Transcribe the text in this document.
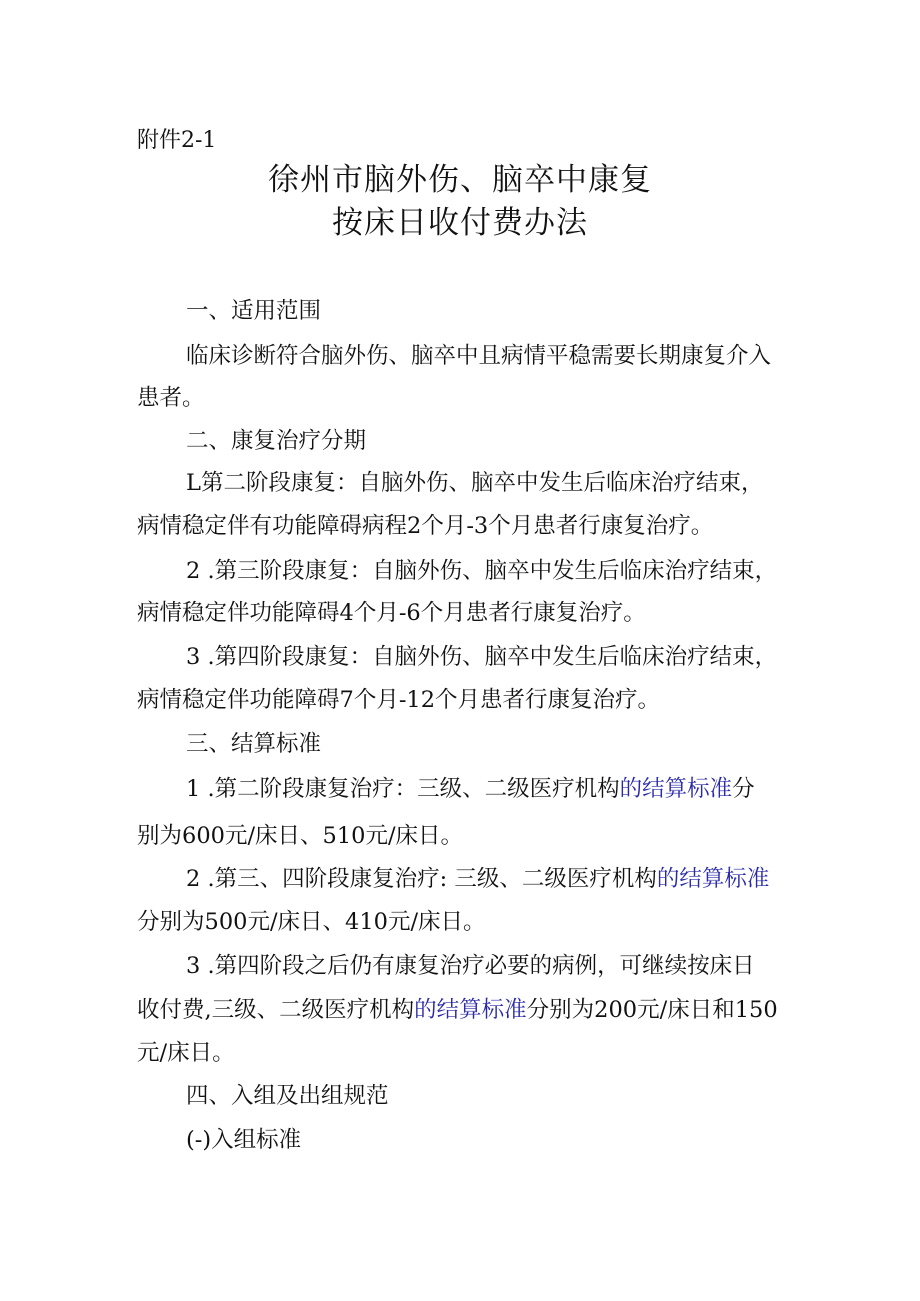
附件2-1
徐州市脑外伤、脑卒中康复
按床日收付费办法
一、适用范围
临床诊断符合脑外伤、脑卒中且病情平稳需要长期康复介入
患者。
二、康复治疗分期
L第二阶段康复：自脑外伤、脑卒中发生后临床治疗结束，
病情稳定伴有功能障碍病程2个月-3个月患者行康复治疗。
2 .第三阶段康复：自脑外伤、脑卒中发生后临床治疗结束，
病情稳定伴功能障碍4个月-6个月患者行康复治疗。
3 .第四阶段康复：自脑外伤、脑卒中发生后临床治疗结束，
病情稳定伴功能障碍7个月-12个月患者行康复治疗。
三、结算标准
1 .第二阶段康复治疗：三级、二级医疗机构的结算标准分
别为600元/床日、510元/床日。
2 .第三、四阶段康复治疗: 三级、二级医疗机构的结算标准
分别为500元/床日、410元/床日。
3 .第四阶段之后仍有康复治疗必要的病例，可继续按床日
收付费,三级、二级医疗机构的结算标准分别为200元/床日和150
元/床日。
四、入组及出组规范
(-)入组标准
